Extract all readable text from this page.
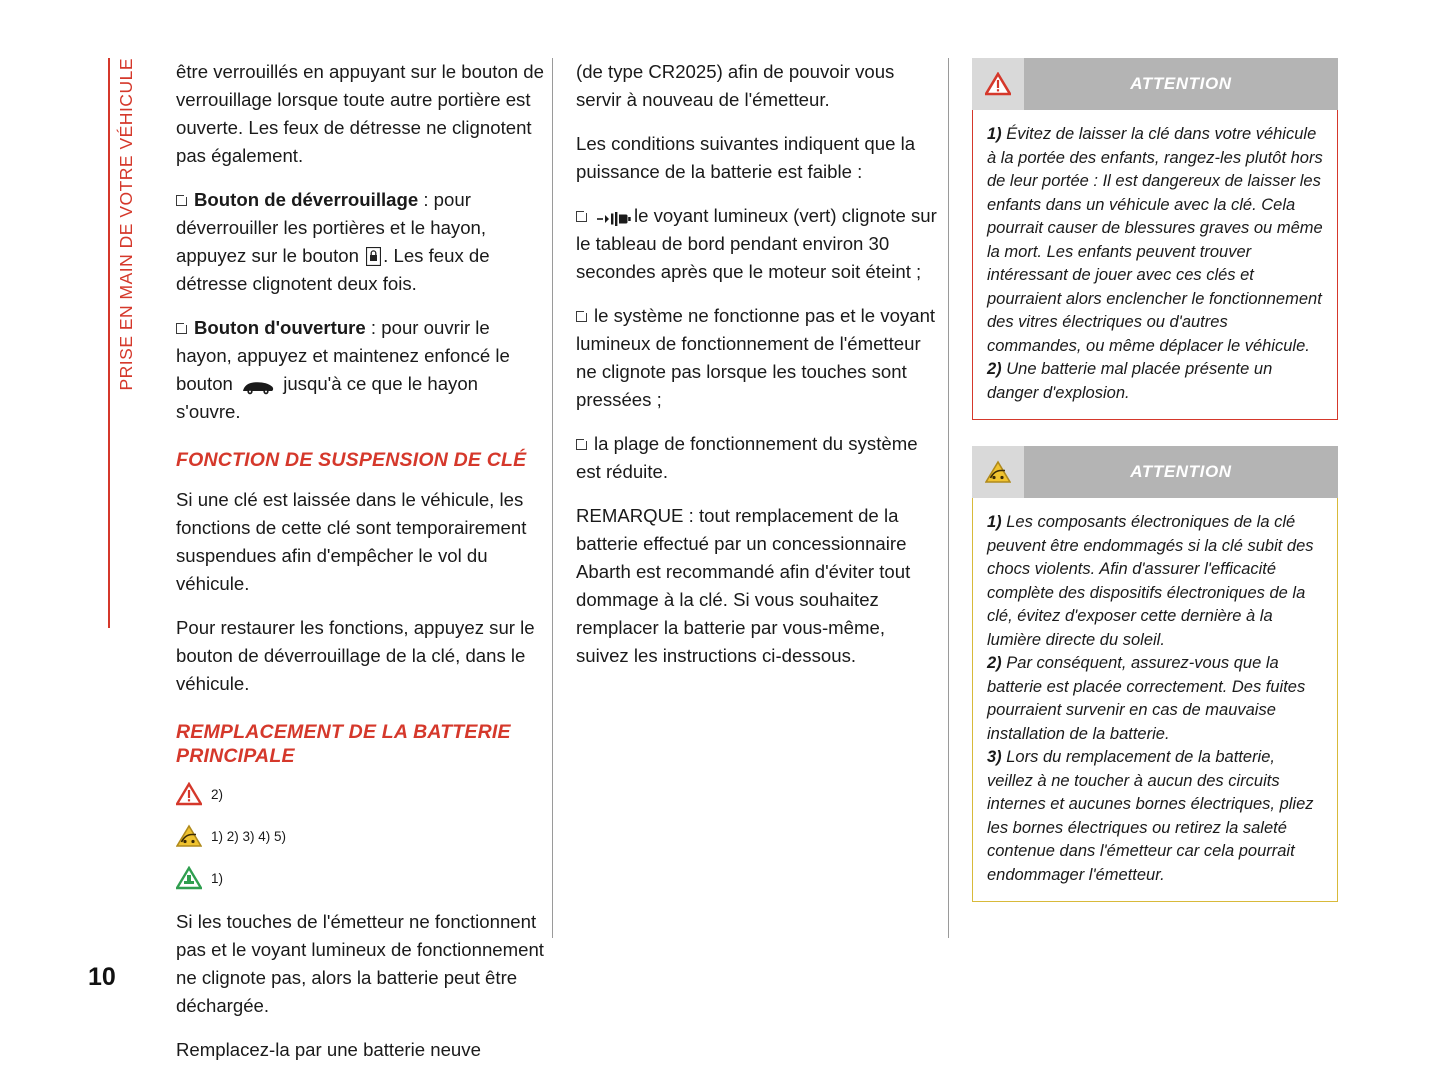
PRISE EN MAIN DE VOTRE VÉHICULE
10

être verrouillés en appuyant sur le bouton de verrouillage lorsque toute autre portière est ouverte. Les feux de détresse ne clignotent pas également.

Bouton de déverrouillage : pour déverrouiller les portières et le hayon, appuyez sur le bouton . Les feux de détresse clignotent deux fois.

Bouton d'ouverture : pour ouvrir le hayon, appuyez et maintenez enfoncé le bouton  jusqu'à ce que le hayon s'ouvre.

FONCTION DE SUSPENSION DE CLÉ

Si une clé est laissée dans le véhicule, les fonctions de cette clé sont temporairement suspendues afin d'empêcher le vol du véhicule.

Pour restaurer les fonctions, appuyez sur le bouton de déverrouillage de la clé, dans le véhicule.

REMPLACEMENT DE LA BATTERIE PRINCIPALE
2)
1) 2) 3) 4) 5)
1)

Si les touches de l'émetteur ne fonctionnent pas et le voyant lumineux de fonctionnement ne clignote pas, alors la batterie peut être déchargée.

Remplacez-la par une batterie neuve

(de type CR2025) afin de pouvoir vous servir à nouveau de l'émetteur.

Les conditions suivantes indiquent que la puissance de la batterie est faible :

le voyant lumineux (vert) clignote sur le tableau de bord pendant environ 30 secondes après que le moteur soit éteint ;

le système ne fonctionne pas et le voyant lumineux de fonctionnement de l'émetteur ne clignote pas lorsque les touches sont pressées ;

la plage de fonctionnement du système est réduite.

REMARQUE : tout remplacement de la batterie effectué par un concessionnaire Abarth est recommandé afin d'éviter tout dommage à la clé. Si vous souhaitez remplacer la batterie par vous-même, suivez les instructions ci-dessous.

ATTENTION

1) Évitez de laisser la clé dans votre véhicule à la portée des enfants, rangez-les plutôt hors de leur portée : Il est dangereux de laisser les enfants dans un véhicule avec la clé. Cela pourrait causer de blessures graves ou même la mort. Les enfants peuvent trouver intéressant de jouer avec ces clés et pourraient alors enclencher le fonctionnement des vitres électriques ou d'autres commandes, ou même déplacer le véhicule.

2) Une batterie mal placée présente un danger d'explosion.

ATTENTION

1) Les composants électroniques de la clé peuvent être endommagés si la clé subit des chocs violents. Afin d'assurer l'efficacité complète des dispositifs électroniques de la clé, évitez d'exposer cette dernière à la lumière directe du soleil.

2) Par conséquent, assurez-vous que la batterie est placée correctement. Des fuites pourraient survenir en cas de mauvaise installation de la batterie.

3) Lors du remplacement de la batterie, veillez à ne toucher à aucun des circuits internes et aucunes bornes électriques, pliez les bornes électriques ou retirez la saleté contenue dans l'émetteur car cela pourrait endommager l'émetteur.
